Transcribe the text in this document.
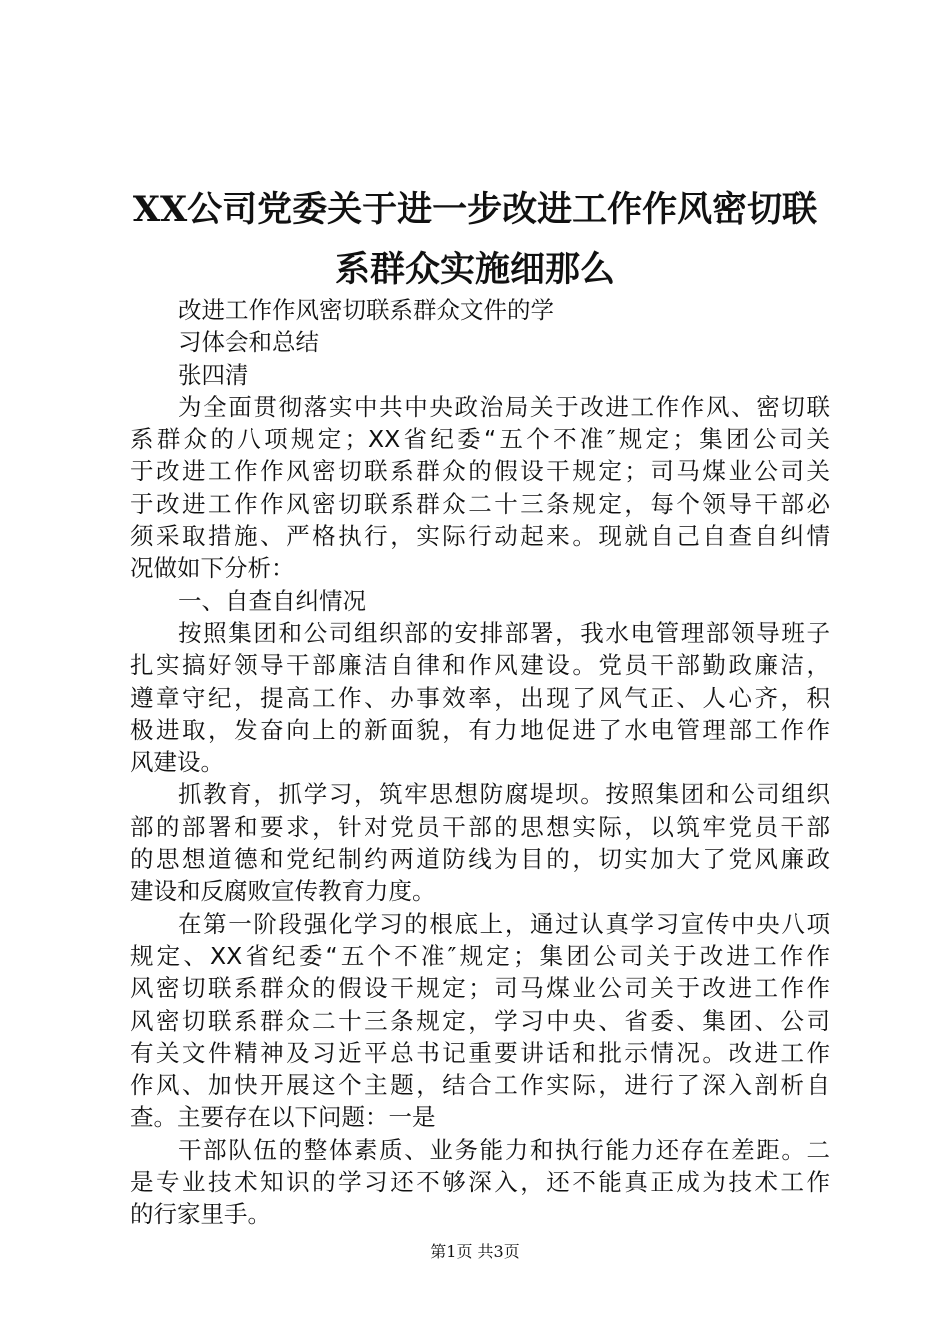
XX公司党委关于进一步改进工作作风密切联
系群众实施细那么
改进工作作风密切联系群众文件的学
习体会和总结
张四清
为全面贯彻落实中共中央政治局关于改进工作作风、密切联
系群众的八项规定；XX省纪委“五个不准″规定；集团公司关
于改进工作作风密切联系群众的假设干规定；司马煤业公司关
于改进工作作风密切联系群众二十三条规定，每个领导干部必
须采取措施、严格执行，实际行动起来。现就自己自查自纠情
况做如下分析：
一、自查自纠情况
按照集团和公司组织部的安排部署，我水电管理部领导班子
扎实搞好领导干部廉洁自律和作风建设。党员干部勤政廉洁，
遵章守纪，提高工作、办事效率，出现了风气正、人心齐，积
极进取，发奋向上的新面貌，有力地促进了水电管理部工作作
风建设。
抓教育，抓学习，筑牢思想防腐堤坝。按照集团和公司组织
部的部署和要求，针对党员干部的思想实际，以筑牢党员干部
的思想道德和党纪制约两道防线为目的，切实加大了党风廉政
建设和反腐败宣传教育力度。
在第一阶段强化学习的根底上，通过认真学习宣传中央八项
规定、XX省纪委“五个不准″规定；集团公司关于改进工作作
风密切联系群众的假设干规定；司马煤业公司关于改进工作作
风密切联系群众二十三条规定，学习中央、省委、集团、公司
有关文件精神及习近平总书记重要讲话和批示情况。改进工作
作风、加快开展这个主题，结合工作实际，进行了深入剖析自
查。主要存在以下问题：一是
干部队伍的整体素质、业务能力和执行能力还存在差距。二
是专业技术知识的学习还不够深入，还不能真正成为技术工作
的行家里手。
第1页 共3页
